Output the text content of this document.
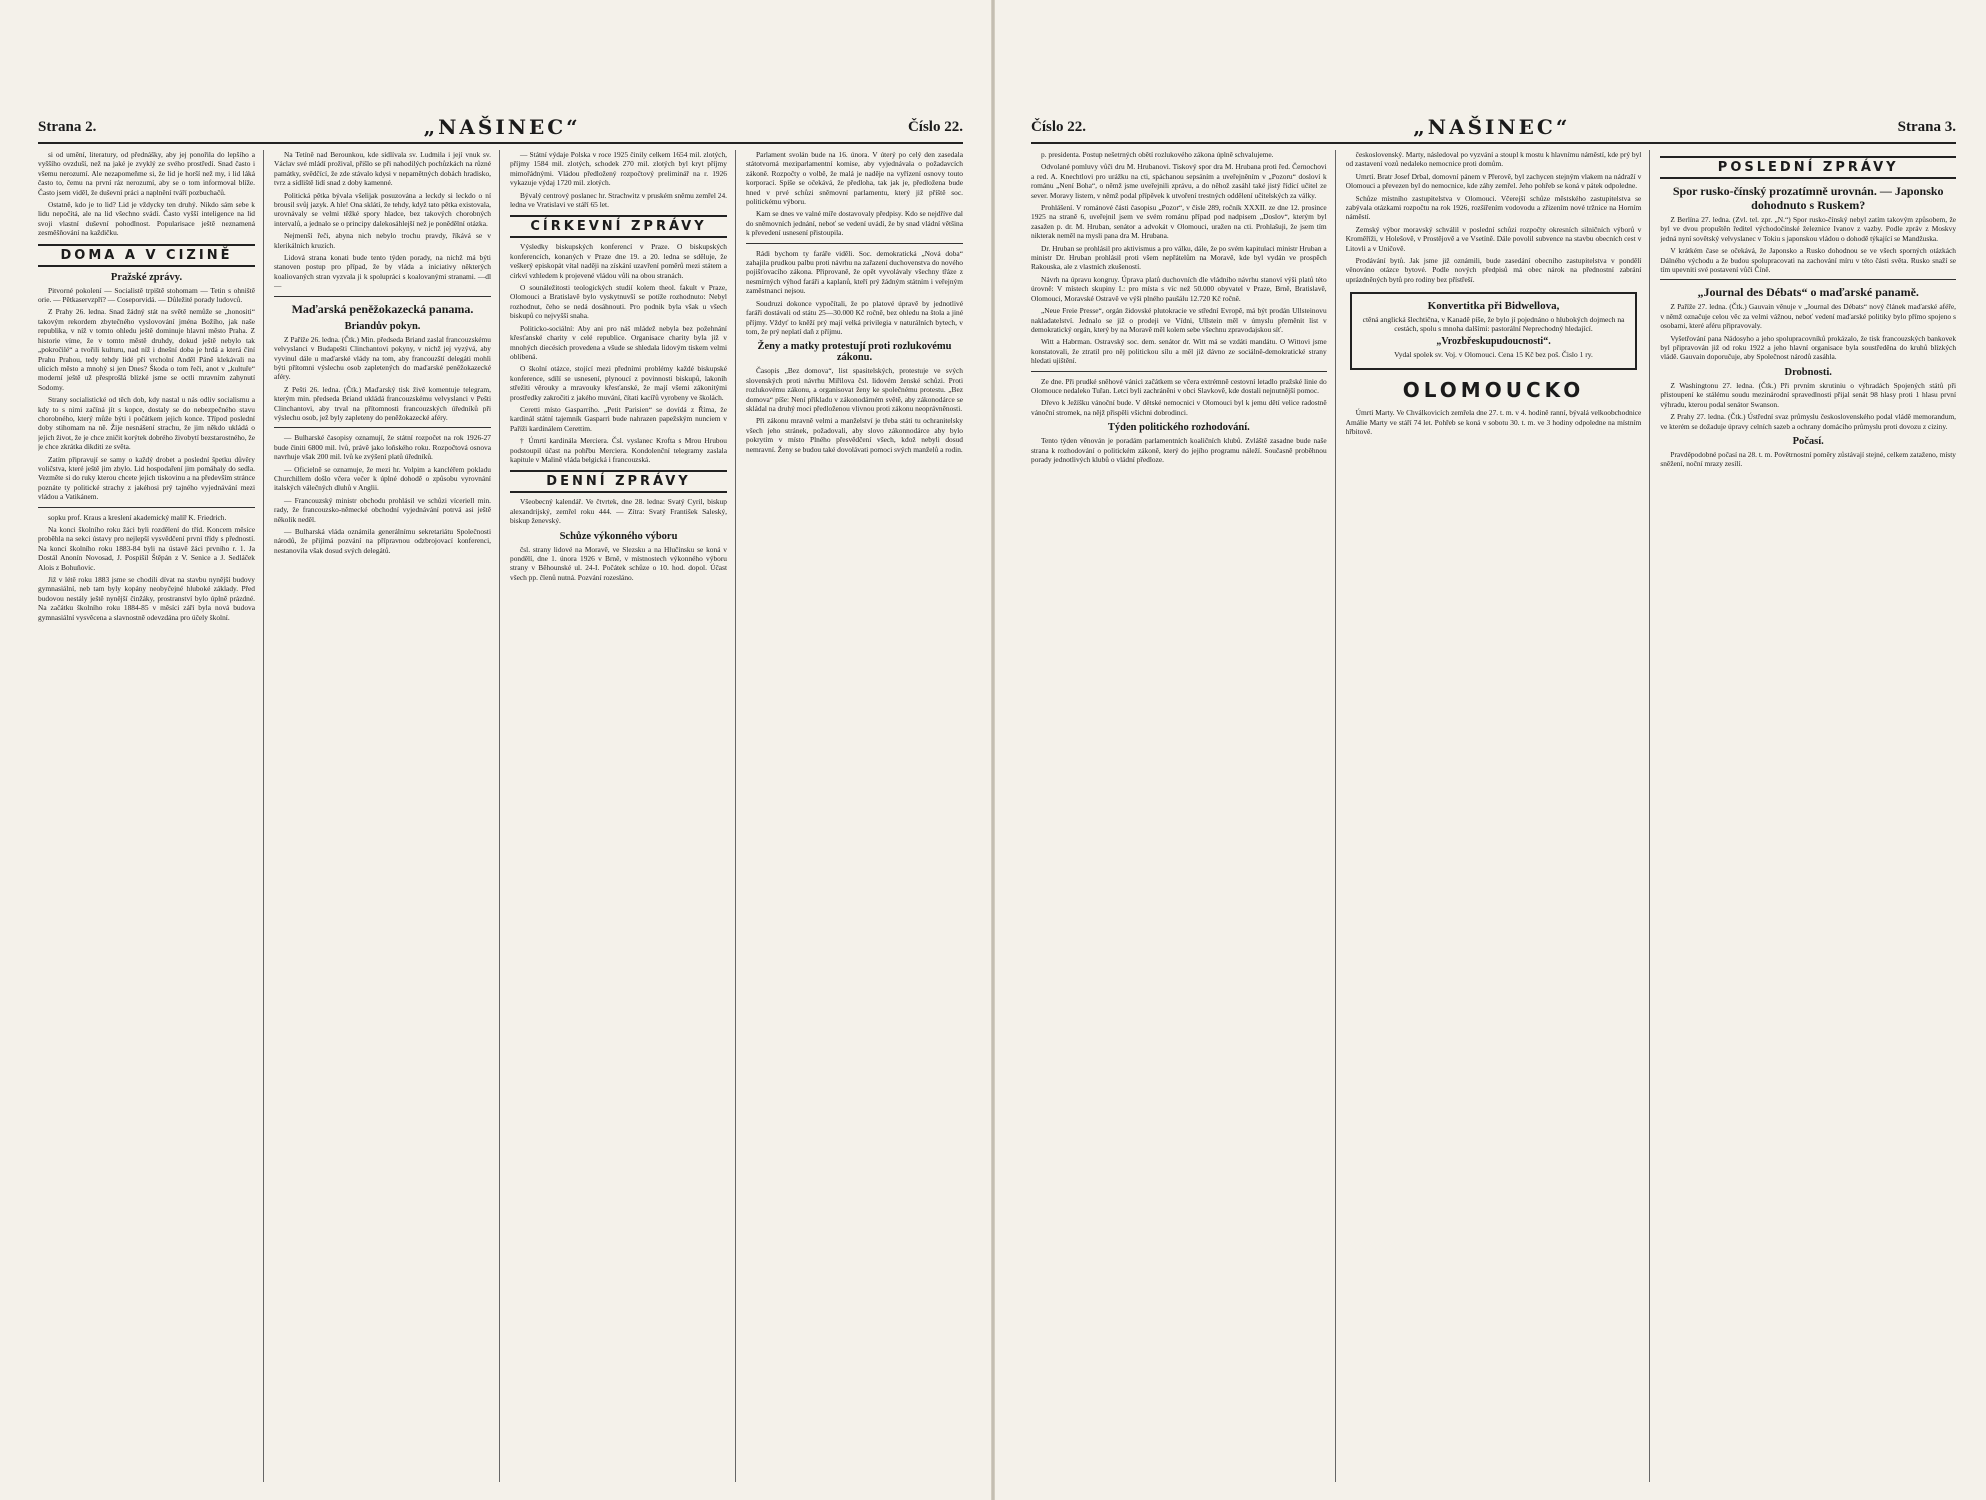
Strana 2.	„NAŠINEC“	Číslo 22.

si od umění, literatury, od přednášky, aby jej ponořila do lepšího a vyššího ovzduší, než na jaké je zvyklý ze svého prostředí. Snad často i všemu nerozumí. Ale nezapomeňme si, že lid je horší než my, i lid láká často to, čemu na první ráz nerozumí, aby se o tom informoval blíže. Často jsem viděl, že duševní práci a naplnění tváří pozbuchačů.

Ostatně, kdo je to lid? Lid je vždycky ten druhý. Nikdo sám sebe k lidu nepočítá, ale na lid všechno svádí. Často vyšší inteligence na lid svoji vlastní duševní pohodlnost. Popularisace ještě neznamená zesměšňování na každičku.

DOMA A V CIZINĚ
Pražské zprávy.

Pitvorné pokolení — Socialistě trpiště stohomam — Tetin s ohniště orie. — Pětkaservzpří? — Coseporvidá. — Důležité porady ludovců.

Z Prahy 26. ledna. Snad žádný stát na světě nemůže se „honositi“ takovým rekordem zbytečného vyslovování jména Božího, jak naše republika, v níž v tomto ohledu ještě dominuje hlavní město Praha. Z historie víme, že v tomto městě druhdy, dokud ještě nebylo tak „pokročilé“ a tvořili kulturu, nad níž i dnešní doba je hrdá a která činí Prahu Prahou, tedy tehdy lidé při vrcholní Anděl Páně klekávali na ulicích město a mnohý si jen Dnes? Škoda o tom řeči, anot v „kultuře“ moderní ještě už přesprošlá blízké jsme se octli mravním zahynutí Sodomy.

Strany socialistické od těch dob, kdy nastal u nás odliv socialismu a kdy to s nimi začíná jít s kopce, dostaly se do nebezpečného stavu chorobného, který může býti i počátkem jejich konce. Třípod poslední doby stihomam na ně. Žije nesnášení strachu, že jim někdo ukládá o jejich život, že je chce zničit korýtek dobrého živobytí bezstarostného, že je chce zkrátka dikditi ze světa.

Zatím připravují se samy o každý drobet a poslední špetku důvěry voličstva, které ještě jim zbylo. Lid hospodaření jim pomáhaly do sedla. Vezměte si do ruky kterou chcete jejich tiskovinu a na především stránce poznáte ty politické strachy z jakéhosi prý tajného vyjednávání mezi vládou a Vatikánem.

sopku prof. Kraus a kreslení akademický malíř K. Friedrich.

Na konci školního roku žáci byli rozdělení do tříd. Koncem měsíce proběhla na sekci ústavy pro nejlepší vysvědčení první třídy s předností. Na konci školního roku 1883-84 byli na ústavě žáci prvního r. 1. Ja Dostál Anonín Novosad, J. Pospíšil Štěpán z V. Senice a J. Sedláček Alois z Bohuňovic.

Již v létě roku 1883 jsme se chodili dívat na stavbu nynější budovy gymnasiální, neb tam byly kopány neobyčejné hluboké základy. Před budovou nestály ještě nynější činžáky, prostranství bylo úplně prázdné. Na začátku školního roku 1884-85 v měsíci září byla nová budova gymnasiální vysvěcena a slavnostně odevzdána pro účely školní.

Na Tetíně nad Berounkou, kde sídlívala sv. Ludmila i její vnuk sv. Václav své mládí prožival, přišlo se při nahodilých pochůzkách na různé památky, svědčící, že zde stávalo kdysi v nepamětných dobách hradisko, tvrz a sídliště lidí snad z doby kamenné.

Politická pětka bývala všelijak posuzována a leckdy si leckdo o ní brousil svůj jazyk. A hle! Ona sklátí, že tehdy, když tato pětka existovala, urovnávaly se velmi těžké spory hladce, bez takových chorobných intervalů, a jednalo se o principy dalekosáhlejší než je ponědělní otázka.

Nejmenší řeči, abyna nich nebylo trochu pravdy, říkává se v klerikálních kruzích.

Lidová strana konati bude tento týden porady, na nichž má býti stanoven postup pro případ, že by vláda a iniciativy některých koaliovaných stran vyzvala ji k spolupráci s koalovanými stranami. —dl—

Maďarská peněžokazecká panama.
Briandův pokyn.

Z Paříže 26. ledna. (Čtk.) Min. předseda Briand zaslal francouzskému velvyslanci v Budapešti Clinchantovi pokyny, v nichž jej vyzývá, aby vyvinul dále u maďarské vlády na tom, aby francouzští delegáti mohli býti přítomni výslechu osob zapletených do maďarské peněžokazecké aféry.

Z Pešti 26. ledna. (Čtk.) Maďarský tisk živě komentuje telegram, kterým min. předseda Briand ukládá francouzskému velvyslanci v Pešti Clinchantovi, aby trval na přítomnosti francouzských úředníků při výslechu osob, jež byly zapleteny do peněžokazecké aféry.

— Bulharské časopisy oznamují, že státní rozpočet na rok 1926-27 bude činiti 6800 mil. lvů, právě jako loňského roku. Rozpočtová osnova navrhuje však 200 mil. lvů ke zvýšení platů úředníků.

— Oficielně se oznamuje, že mezi hr. Volpim a kancléřem pokladu Churchillem došlo včera večer k úplné dohodě o způsobu vyrovnání italských válečných dluhů v Anglii.

— Francouzský ministr obchodu prohlásil ve schůzi víceriell min. rady, že francouzsko-německé obchodní vyjednávání potrvá asi ještě několik neděl.

— Bulharská vláda oznámila generálnímu sekretariátu Společnosti národů, že přijímá pozvání na přípravnou odzbrojovací konferenci, nestanovila však dosud svých delegátů.

— Státní výdaje Polska v roce 1925 činily celkem 1654 mil. zlotých, příjmy 1584 mil. zlotých, schodek 270 mil. zlotých byl kryt příjmy mimořádnými. Vládou předložený rozpočtový preliminář na r. 1926 vykazuje výdaj 1720 mil. zlotých.

Bývalý centrový poslanec hr. Strachwitz v pruském sněmu zemřel 24. ledna ve Vratislavi ve stáří 65 let.

CÍRKEVNÍ ZPRÁVY

Výsledky biskupských konferencí v Praze. O biskupských konferencích, konaných v Praze dne 19. a 20. ledna se sděluje, že veškerý episkopát vítal naději na získání uzavření poměrů mezi státem a církví vzhledem k projevené vládou vůli na obou stranách.

O sounáležitosti teologických studií kolem theol. fakult v Praze, Olomouci a Bratislavě bylo vyskytnuvší se potíže rozhodnuto: Nebyl rozhodnut, čeho se nedá dosáhnouti. Pro podnik byla však u všech biskupů co nejvyšší snaha.

Politicko-sociální: Aby ani pro náš mládež nebyla bez požehnání křesťanské charity v celé republice. Organisace charity byla již v mnohých diecésích provedena a všude se shledala lidovým tiskem velmi oblíbená.

O školní otázce, stojící mezi předními problémy každé biskupské konference, sdílí se usnesení, plynoucí z povinnosti biskupů, lakoníh střežiti věrouky a mravouky křesťanské, že mají všemi zákonitými prostředky zakročiti z jakého muvání, čítati kacířů vyrobeny ve školách.

Ceretti místo Gasparriho. „Petit Parisien“ se dovídá z Říma, že kardinál státní tajemník Gasparri bude nahrazen papežským nunciem v Paříži kardinálem Cerettim.

† Úmrtí kardinála Merciera. Čsl. vyslanec Krofta s Mrou Hrubou podstoupil účast na pohřbu Merciera. Kondolenční telegramy zaslala kapitule v Malině vláda belgická i francouzská.

DENNÍ ZPRÁVY

Všeobecný kalendář. Ve čtvrtek, dne 28. ledna: Svatý Cyril, biskup alexandrijský, zemřel roku 444. — Zítra: Svatý František Saleský, biskup ženevský.

Schůze výkonného výboru

čsl. strany lidové na Moravě, ve Slezsku a na Hlučínsku se koná v pondělí, dne 1. února 1926 v Brně, v místnostech výkonného výboru strany v Běhounské ul. 24-I. Počátek schůze o 10. hod. dopol. Účast všech pp. členů nutná. Pozvání rozesláno.

Parlament svolán bude na 16. února. V úterý po celý den zasedala státotvorná meziparlamentní komise, aby vyjednávala o požadavcích zákoně. Rozpočty o volbě, že malá je naděje na vyřízení osnovy touto korporací. Spíše se očekává, že předloha, tak jak je, předložena bude hned v prvé schůzi sněmovní parlamentu, který již příště soc. politickému výboru.

Kam se dnes ve valné míře dostavovaly předpisy. Kdo se nejdříve dal do sněmovních jednání, neboť se vedení uvádí, že by snad vládní většina k převedení usnesení přistoupila.

Rádi bychom ty faráře viděli. Soc. demokratická „Nová doba“ zahajila prudkou palbu proti návrhu na zařazení duchovenstva do nového pojišťovacího zákona. Připrovaně, že opět vyvolávaly všechny třáze z nesmírných výhod faráři a kaplanů, kteří prý žádným státním i veřejným zaměstnanci nejsou.

Soudruzi dokonce vypočítali, že po platové úpravě by jednotlivé faráři dostávali od státu 25—30.000 Kč ročně, bez ohledu na štola a jiné příjmy. Vždyť to kněží prý mají velká privilegia v naturálních bytech, v tom, že prý neplatí daň z příjmu.

Ženy a matky protestují proti rozlukovému zákonu.

Časopis „Bez domova“, list spasitelských, protestuje ve svých slovenských proti návrhu Miřilova čsl. lidovém ženské schůzi. Proti rozlukovému zákonu, a organisovat ženy ke společnému protestu. „Bez domova“ píše: Není přikladu v zákonodárném světě, aby zákonodárce se skládal na druhý moci předloženou vlivnou proti zákonu neoprávněnosti.

Při zákonu mravně velmi a manželství je třeba státi tu ochranitelsky všech jeho stránek, požadovali, aby slovo zákonnodárce aby bylo pokrytím v místo Plného přesvědčení všech, kdož nebyli dosud nemravní. Ženy se budou také dovolávati pomoci svých manželů a rodin.

Číslo 22.	„NAŠINEC“	Strana 3.

p. presidenta. Postup nešetrných obětí rozlukového zákona úplně schvalujeme.

Odvolané pomluvy vůči dru M. Hrubanovi. Tiskový spor dra M. Hrubana proti řed. Černochovi a red. A. Knechtlovi pro urážku na cti, spáchanou sepsáním a uveřejněním v „Pozoru“ dosloví k románu „Není Boha“, o němž jsme uveřejnili zprávu, a do něhož zasáhl také jistý řídící učitel ze sever. Moravy listem, v němž podal přípěvek k utvoření trestných oddělení učitelských za války.

Prohlášení. V románové části časopisu „Pozor“, v čísle 289, ročník XXXII. ze dne 12. prosince 1925 na straně 6, uveřejnil jsem ve svém románu případ pod nadpisem „Doslov“, kterým byl zasažen p. dr. M. Hruban, senátor a advokát v Olomouci, uražen na cti. Prohlašuji, že jsem tím nikterak neměl na mysli pana dra M. Hrubana.

Dr. Hruban se prohlásil pro aktivismus a pro válku, dále, že po svém kapitulaci ministr Hruban a ministr Dr. Hruban prohlásil proti všem nepřátelům na Moravě, kde byl vydán ve prospěch Rakouska, ale z vlastních zkušeností.

Návrh na úpravu kongruy. Úprava platů duchovních dle vládního návrhu stanoví výši platů této úrovně: V místech skupiny I.: pro místa s víc než 50.000 obyvatel v Praze, Brně, Bratislavě, Olomouci, Moravské Ostravě ve výši plného paušálu 12.720 Kč ročně.

„Neue Freie Presse“, orgán židovské plutokracie ve střední Evropě, má být prodán Ullsteinovu nakladatelství. Jednalo se již o prodeji ve Vídni, Ullstein měl v úmyslu přeměnit list v demokratický orgán, který by na Moravě měl kolem sebe všechnu zpravodajskou síť.

Witt a Habrman. Ostravský soc. dem. senátor dr. Witt má se vzdáti mandátu. O Wittovi jsme konstatovali, že ztratil pro něj politickou sílu a měl již dávno ze sociálně-demokratické strany hledati ujištění.

Ze dne. Při prudké sněhové vánici začátkem se včera extrémně cestovní letadlo pražské linie do Olomouce nedaleko Tuřan. Letci byli zachráněni v obci Slavkově, kde dostali nejnutnější pomoc.

Dřevo k Ježíšku vánoční bude. V dětské nemocnici v Olomouci byl k jemu dětí velice radostně vánoční stromek, na nějž přispěli všichni dobrodinci.

Týden politického rozhodování.

Tento týden věnován je poradám parlamentních koaličních klubů. Zvláště zasadne bude naše strana k rozhodování o politickém zákoně, který do jejího programu náleží. Současně proběhnou porady jednotlivých klubů o vládní předloze.

československý. Marty, následoval po vyzvání a stoupl k mostu k hlavnímu náměstí, kde prý byl od zastavení vozů nedaleko nemocnice proti domům.

Umrtí. Bratr Josef Drbal, domovní pánem v Přerově, byl zachycen stejným vlakem na nádraží v Olomouci a převezen byl do nemocnice, kde záhy zemřel. Jeho pohřeb se koná v pátek odpoledne.

Schůze místního zastupitelstva v Olomouci. Včerejší schůze městského zastupitelstva se zabývala otázkami rozpočtu na rok 1926, rozšířením vodovodu a zřízením nové tržnice na Horním náměstí.

Zemský výbor moravský schválil v poslední schůzi rozpočty okresních silničních výborů v Kroměříži, v Holešově, v Prostějově a ve Vsetíně. Dále povolil subvence na stavbu obecních cest v Litovli a v Uničově.

Prodávání bytů. Jak jsme již oznámili, bude zasedání obecního zastupitelstva v pondělí věnováno otázce bytové. Podle nových předpisů má obec nárok na přednostní zabrání uprázdněných bytů pro rodiny bez přístřeší.

Konvertitka při Bidwellova,
ctěná anglická šlechtična, v Kanadě píše, že bylo jí pojednáno o hlubokých dojmech na cestách, spolu s mnoha dalšími: pastorální Neprechodný hledající.
„Vrozbřeskupudoucnosti“.
Vydal spolek sv. Voj. v Olomouci. Cena 15 Kč bez poš. Čislo 1 ry.
OLOMOUCKO

Úmrtí Marty. Ve Chválkovicích zemřela dne 27. t. m. v 4. hodině ranní, bývalá velkoobchodnice Amálie Marty ve stáří 74 let. Pohřeb se koná v sobotu 30. t. m. ve 3 hodiny odpoledne na místním hřbitově.

POSLEDNÍ ZPRÁVY
Spor rusko-čínský prozatímně urovnán. — Japonsko dohodnuto s Ruskem?

Z Berlína 27. ledna. (Zvl. tel. zpr. „N.“) Spor rusko-čínský nebyl zatím takovým způsobem, že byl ve dvou propuštěn ředitel východočínské železnice Ivanov z vazby. Podle zpráv z Moskvy jedná nyní sovětský velvyslanec v Tokiu s japonskou vládou o dohodě týkající se Mandžuska.

V krátkém čase se očekává, že Japonsko a Rusko dohodnou se ve všech sporných otázkách Dálného východu a že budou spolupracovati na zachování míru v této části světa. Rusko snaží se tím upevniti své postavení vůči Číně.

„Journal des Débats“ o maďarské panamě.

Z Paříže 27. ledna. (Čtk.) Gauvain věnuje v „Journal des Débats“ nový článek maďarské aféře, v němž označuje celou věc za velmi vážnou, neboť vedení maďarské politiky bylo přímo spojeno s osobami, které aféru připravovaly.

Vyšetřování pana Nádosyho a jeho spolupracovníků prokázalo, že tisk francouzských bankovek byl připravován již od roku 1922 a jeho hlavní organisace byla soustředěna do kruhů blízkých vládě. Gauvain doporučuje, aby Společnost národů zasáhla.

Drobnosti.

Z Washingtonu 27. ledna. (Čtk.) Při prvním skrutiniu o výhradách Spojených států při přistoupení ke stálému soudu mezinárodní spravedlnosti přijal senát 98 hlasy proti 1 hlasu první výhradu, kterou podal senátor Swanson.

Z Prahy 27. ledna. (Čtk.) Ústřední svaz průmyslu československého podal vládě memorandum, ve kterém se dožaduje úpravy celních sazeb a ochrany domácího průmyslu proti dovozu z ciziny.

Počasí.

Pravděpodobné počasí na 28. t. m. Povětrnostní poměry zůstávají stejné, celkem zataženo, místy sněžení, noční mrazy zesílí.
